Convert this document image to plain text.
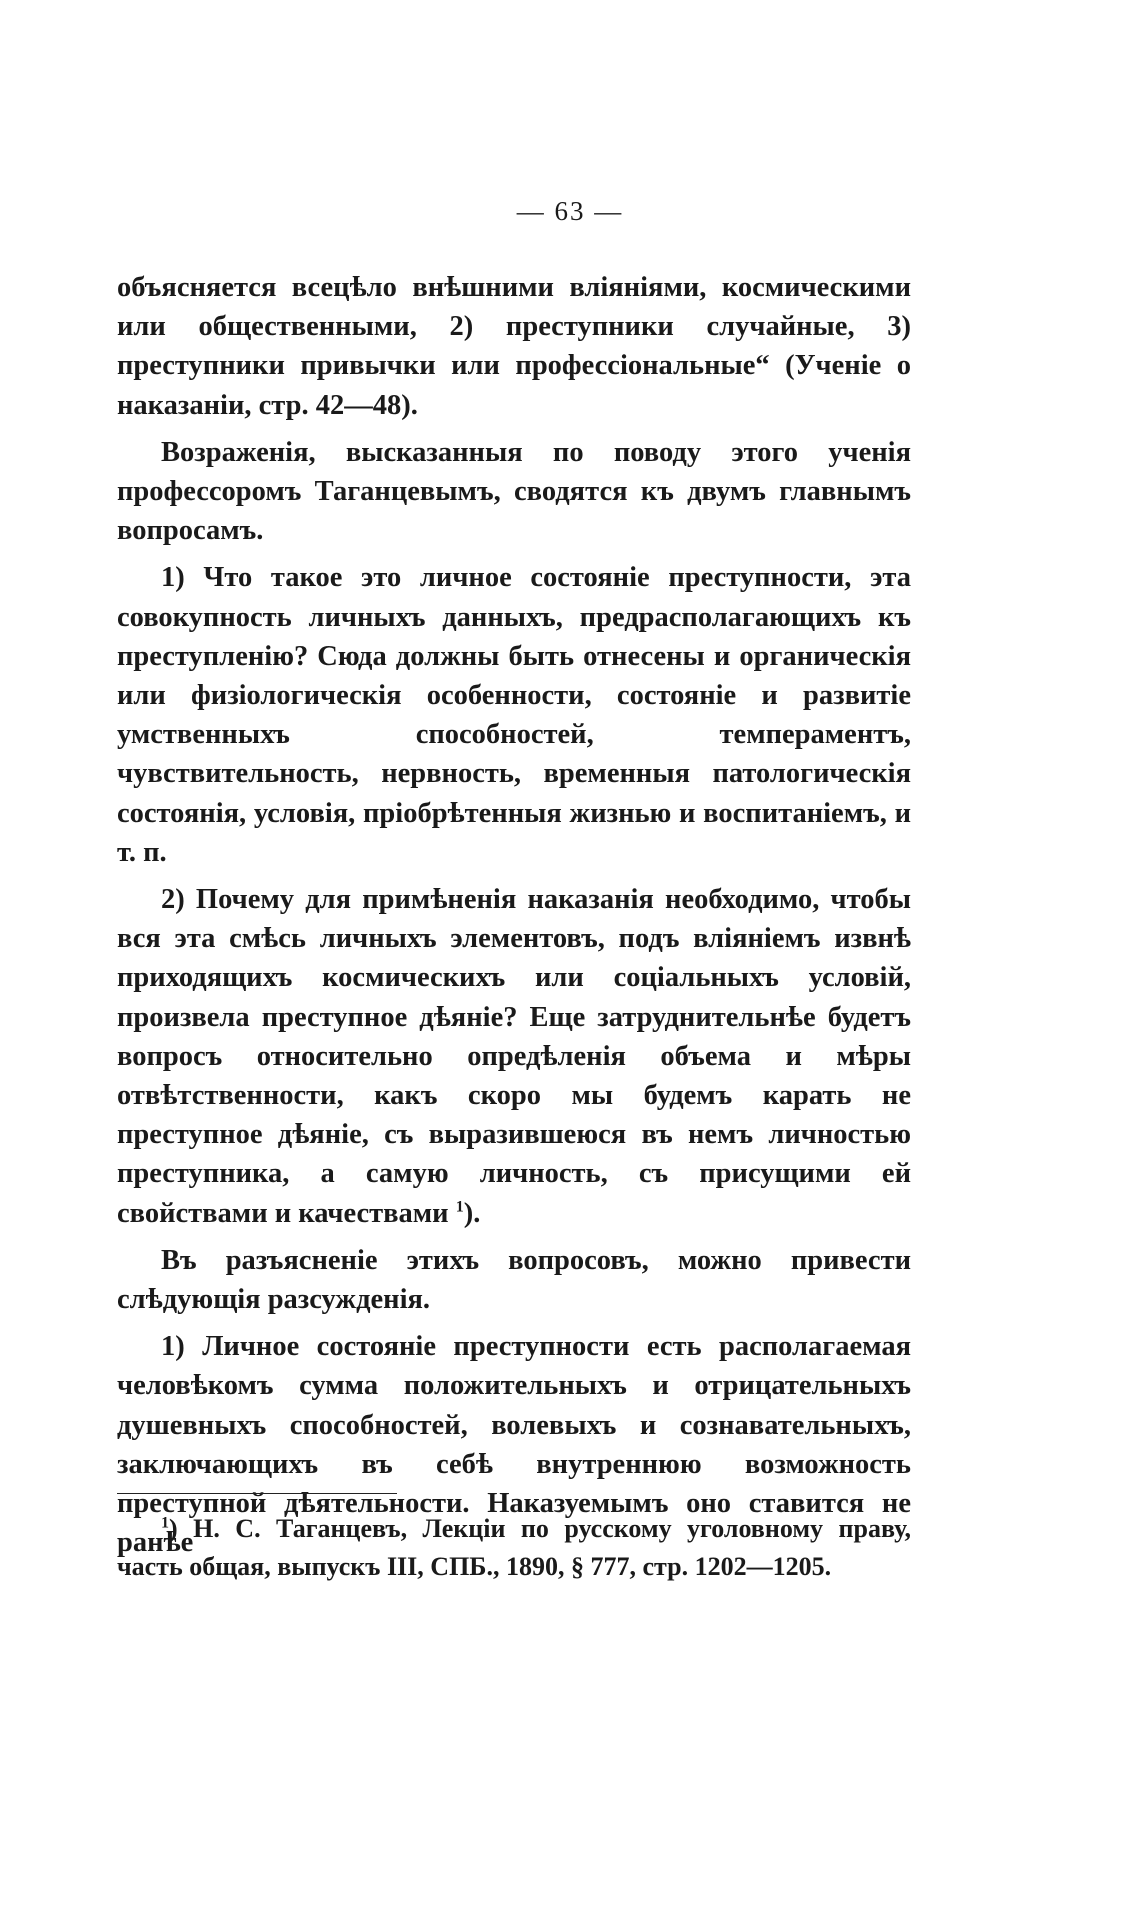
— 63 —

объясняется всецѣло внѣшними вліяніями, космическими или общественными, 2) преступники случайные, 3) преступники привычки или профессіональные“ (Ученіе о наказаніи, стр. 42—48).

Возраженія, высказанныя по поводу этого ученія профессоромъ Таганцевымъ, сводятся къ двумъ главнымъ вопросамъ.

1) Что такое это личное состояніе преступности, эта совокупность личныхъ данныхъ, предрасполагающихъ къ преступленію? Сюда должны быть отнесены и органическія или физіологическія особенности, состояніе и развитіе умственныхъ способностей, темпераментъ, чувствительность, нервность, временныя патологическія состоянія, условія, пріобрѣтенныя жизнью и воспитаніемъ, и т. п.

2) Почему для примѣненія наказанія необходимо, чтобы вся эта смѣсь личныхъ элементовъ, подъ вліяніемъ извнѣ приходящихъ космическихъ или соціальныхъ условій, произвела преступное дѣяніе? Еще затруднительнѣе будетъ вопросъ относительно опредѣленія объема и мѣры отвѣтственности, какъ скоро мы будемъ карать не преступное дѣяніе, съ выразившеюся въ немъ личностью преступника, а самую личность, съ присущими ей свойствами и качествами $^1$).

Въ разъясненіе этихъ вопросовъ, можно привести слѣдующія разсужденія.

1) Личное состояніе преступности есть располагаемая человѣкомъ сумма положительныхъ и отрицательныхъ душевныхъ способностей, волевыхъ и сознавательныхъ, заключающихъ въ себѣ внутреннюю возможность преступной дѣятельности. Наказуемымъ оно ставится не ранѣе

$^1$) Н. С. Таганцевъ, Лекціи по русскому уголовному праву, часть общая, выпускъ III, СПБ., 1890, § 777, стр. 1202—1205.
